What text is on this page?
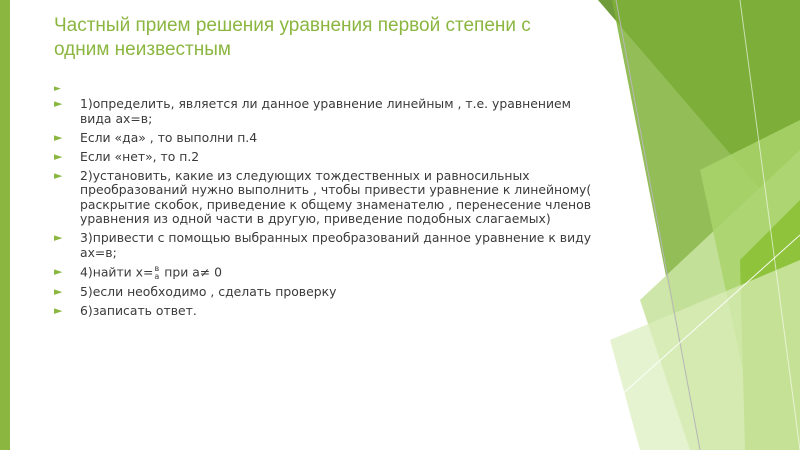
Частный прием решения уравнения первой степени с одним неизвестным
►
► 1)определить, является ли данное уравнение линейным , т.е. уравнением вида ах=в;
► Если «да» , то выполни п.4
► Если «нет», то п.2
► 2)установить, какие из следующих тождественных и равносильных преобразований нужно выполнить , чтобы привести уравнение к линейному( раскрытие скобок, приведение к общему знаменателю , перенесение членов уравнения из одной части в другую, приведение подобных слагаемых)
► 3)привести с помощью выбранных преобразований данное уравнение к виду ах=в;
► 4)найти х= в
а при а≠ 0
► 5)если необходимо , сделать проверку
► 6)записать ответ.
